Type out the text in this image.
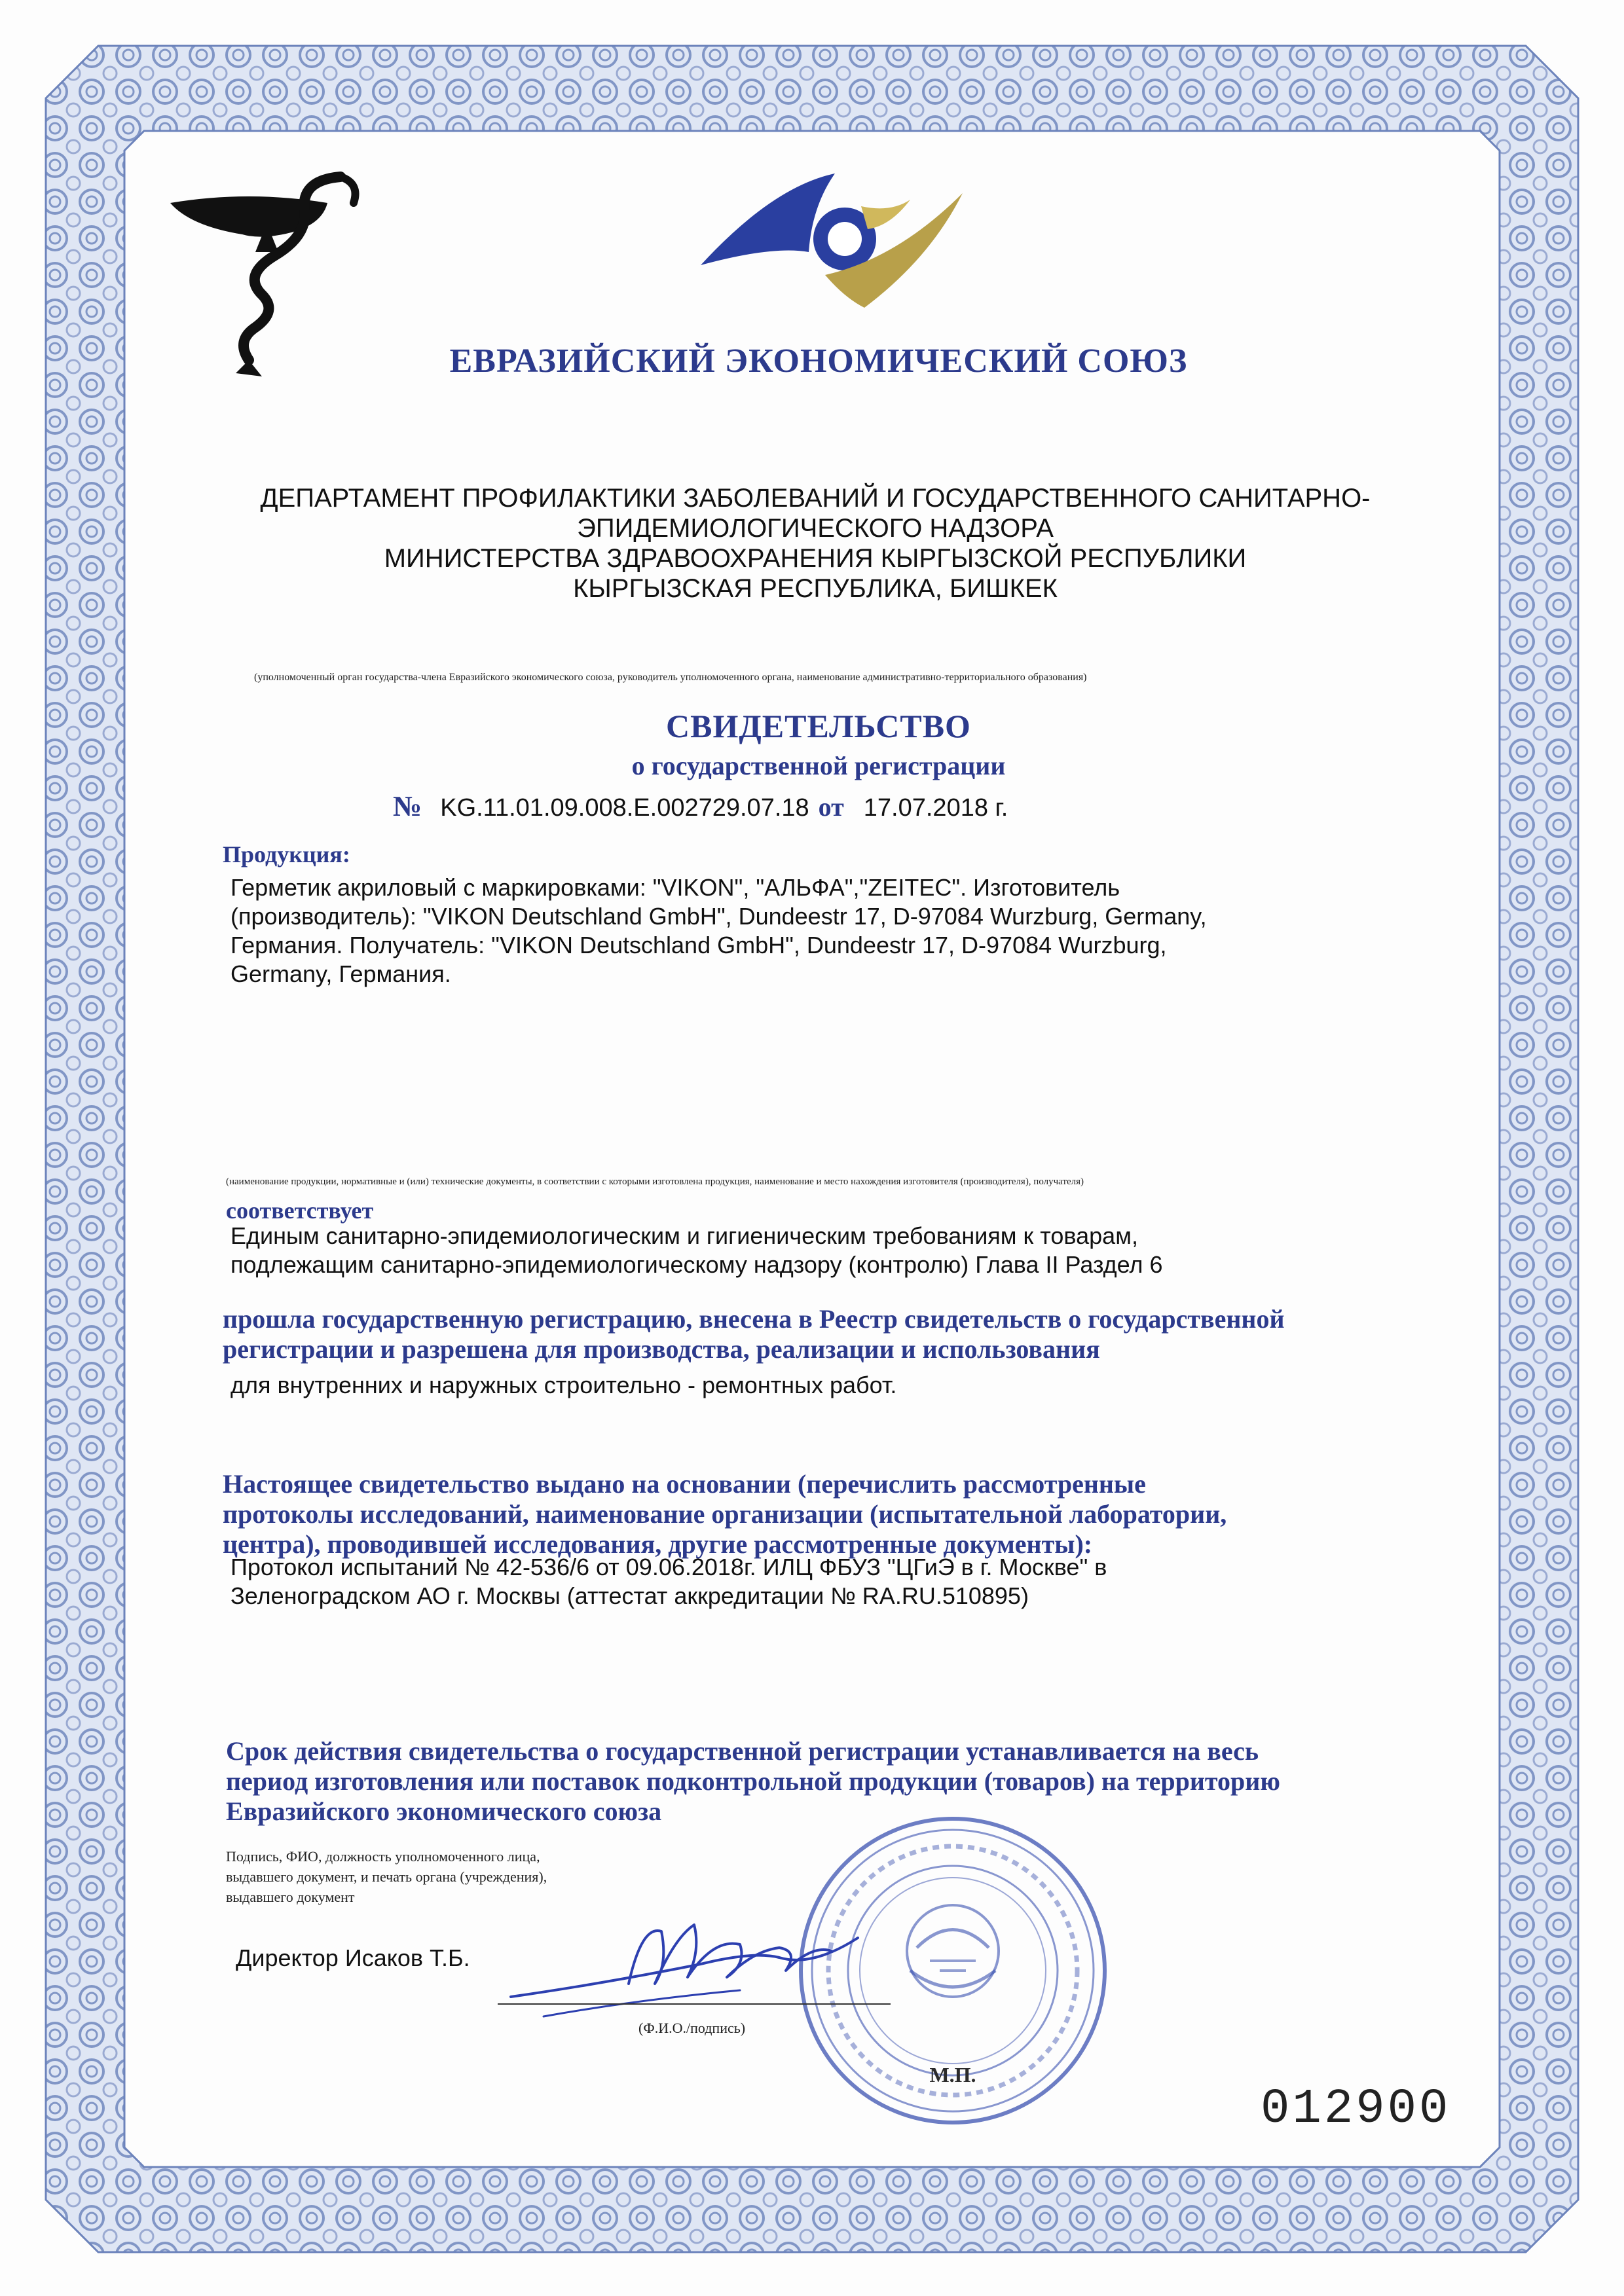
ЕВРАЗИЙСКИЙ ЭКОНОМИЧЕСКИЙ СОЮЗ
ДЕПАРТАМЕНТ ПРОФИЛАКТИКИ ЗАБОЛЕВАНИЙ И ГОСУДАРСТВЕННОГО САНИТАРНО-
ЭПИДЕМИОЛОГИЧЕСКОГО НАДЗОРА
МИНИСТЕРСТВА ЗДРАВООХРАНЕНИЯ КЫРГЫЗСКОЙ РЕСПУБЛИКИ
КЫРГЫЗСКАЯ РЕСПУБЛИКА, БИШКЕК
(уполномоченный орган государства-члена Евразийского экономического союза, руководитель уполномоченного органа, наименование административно-территориального образования)
СВИДЕТЕЛЬСТВО
о государственной регистрации
№ KG.11.01.09.008.E.002729.07.18 от 17.07.2018 г.
Продукция:
Герметик акриловый с маркировками: "VIKON", "АЛЬФА","ZEITEC". Изготовитель
(производитель): "VIKON Deutschland GmbH", Dundeestr 17, D-97084 Wurzburg, Germany,
Германия. Получатель: "VIKON Deutschland GmbH", Dundeestr 17, D-97084 Wurzburg,
Germany, Германия.
(наименование продукции, нормативные и (или) технические документы, в соответствии с которыми изготовлена продукция, наименование и место нахождения изготовителя (производителя), получателя)
соответствует
Единым санитарно-эпидемиологическим и гигиеническим требованиям к товарам,
подлежащим санитарно-эпидемиологическому надзору (контролю) Глава II Раздел 6
прошла государственную регистрацию, внесена в Реестр свидетельств о государственной
регистрации и разрешена для производства, реализации и использования
для внутренних и наружных строительно - ремонтных работ.
Настоящее свидетельство выдано на основании (перечислить рассмотренные
протоколы исследований, наименование организации (испытательной лаборатории,
центра), проводившей исследования, другие рассмотренные документы):
Протокол испытаний № 42-536/6 от 09.06.2018г. ИЛЦ ФБУЗ "ЦГиЭ в г. Москве" в
Зеленоградском АО г. Москвы (аттестат аккредитации № RA.RU.510895)
Срок действия свидетельства о государственной регистрации устанавливается на весь
период изготовления или поставок подконтрольной продукции (товаров) на территорию
Евразийского экономического союза
Подпись, ФИО, должность уполномоченного лица,
выдавшего документ, и печать органа (учреждения),
выдавшего документ
Директор Исаков Т.Б.
М.П.
(Ф.И.О./подпись)
012900
